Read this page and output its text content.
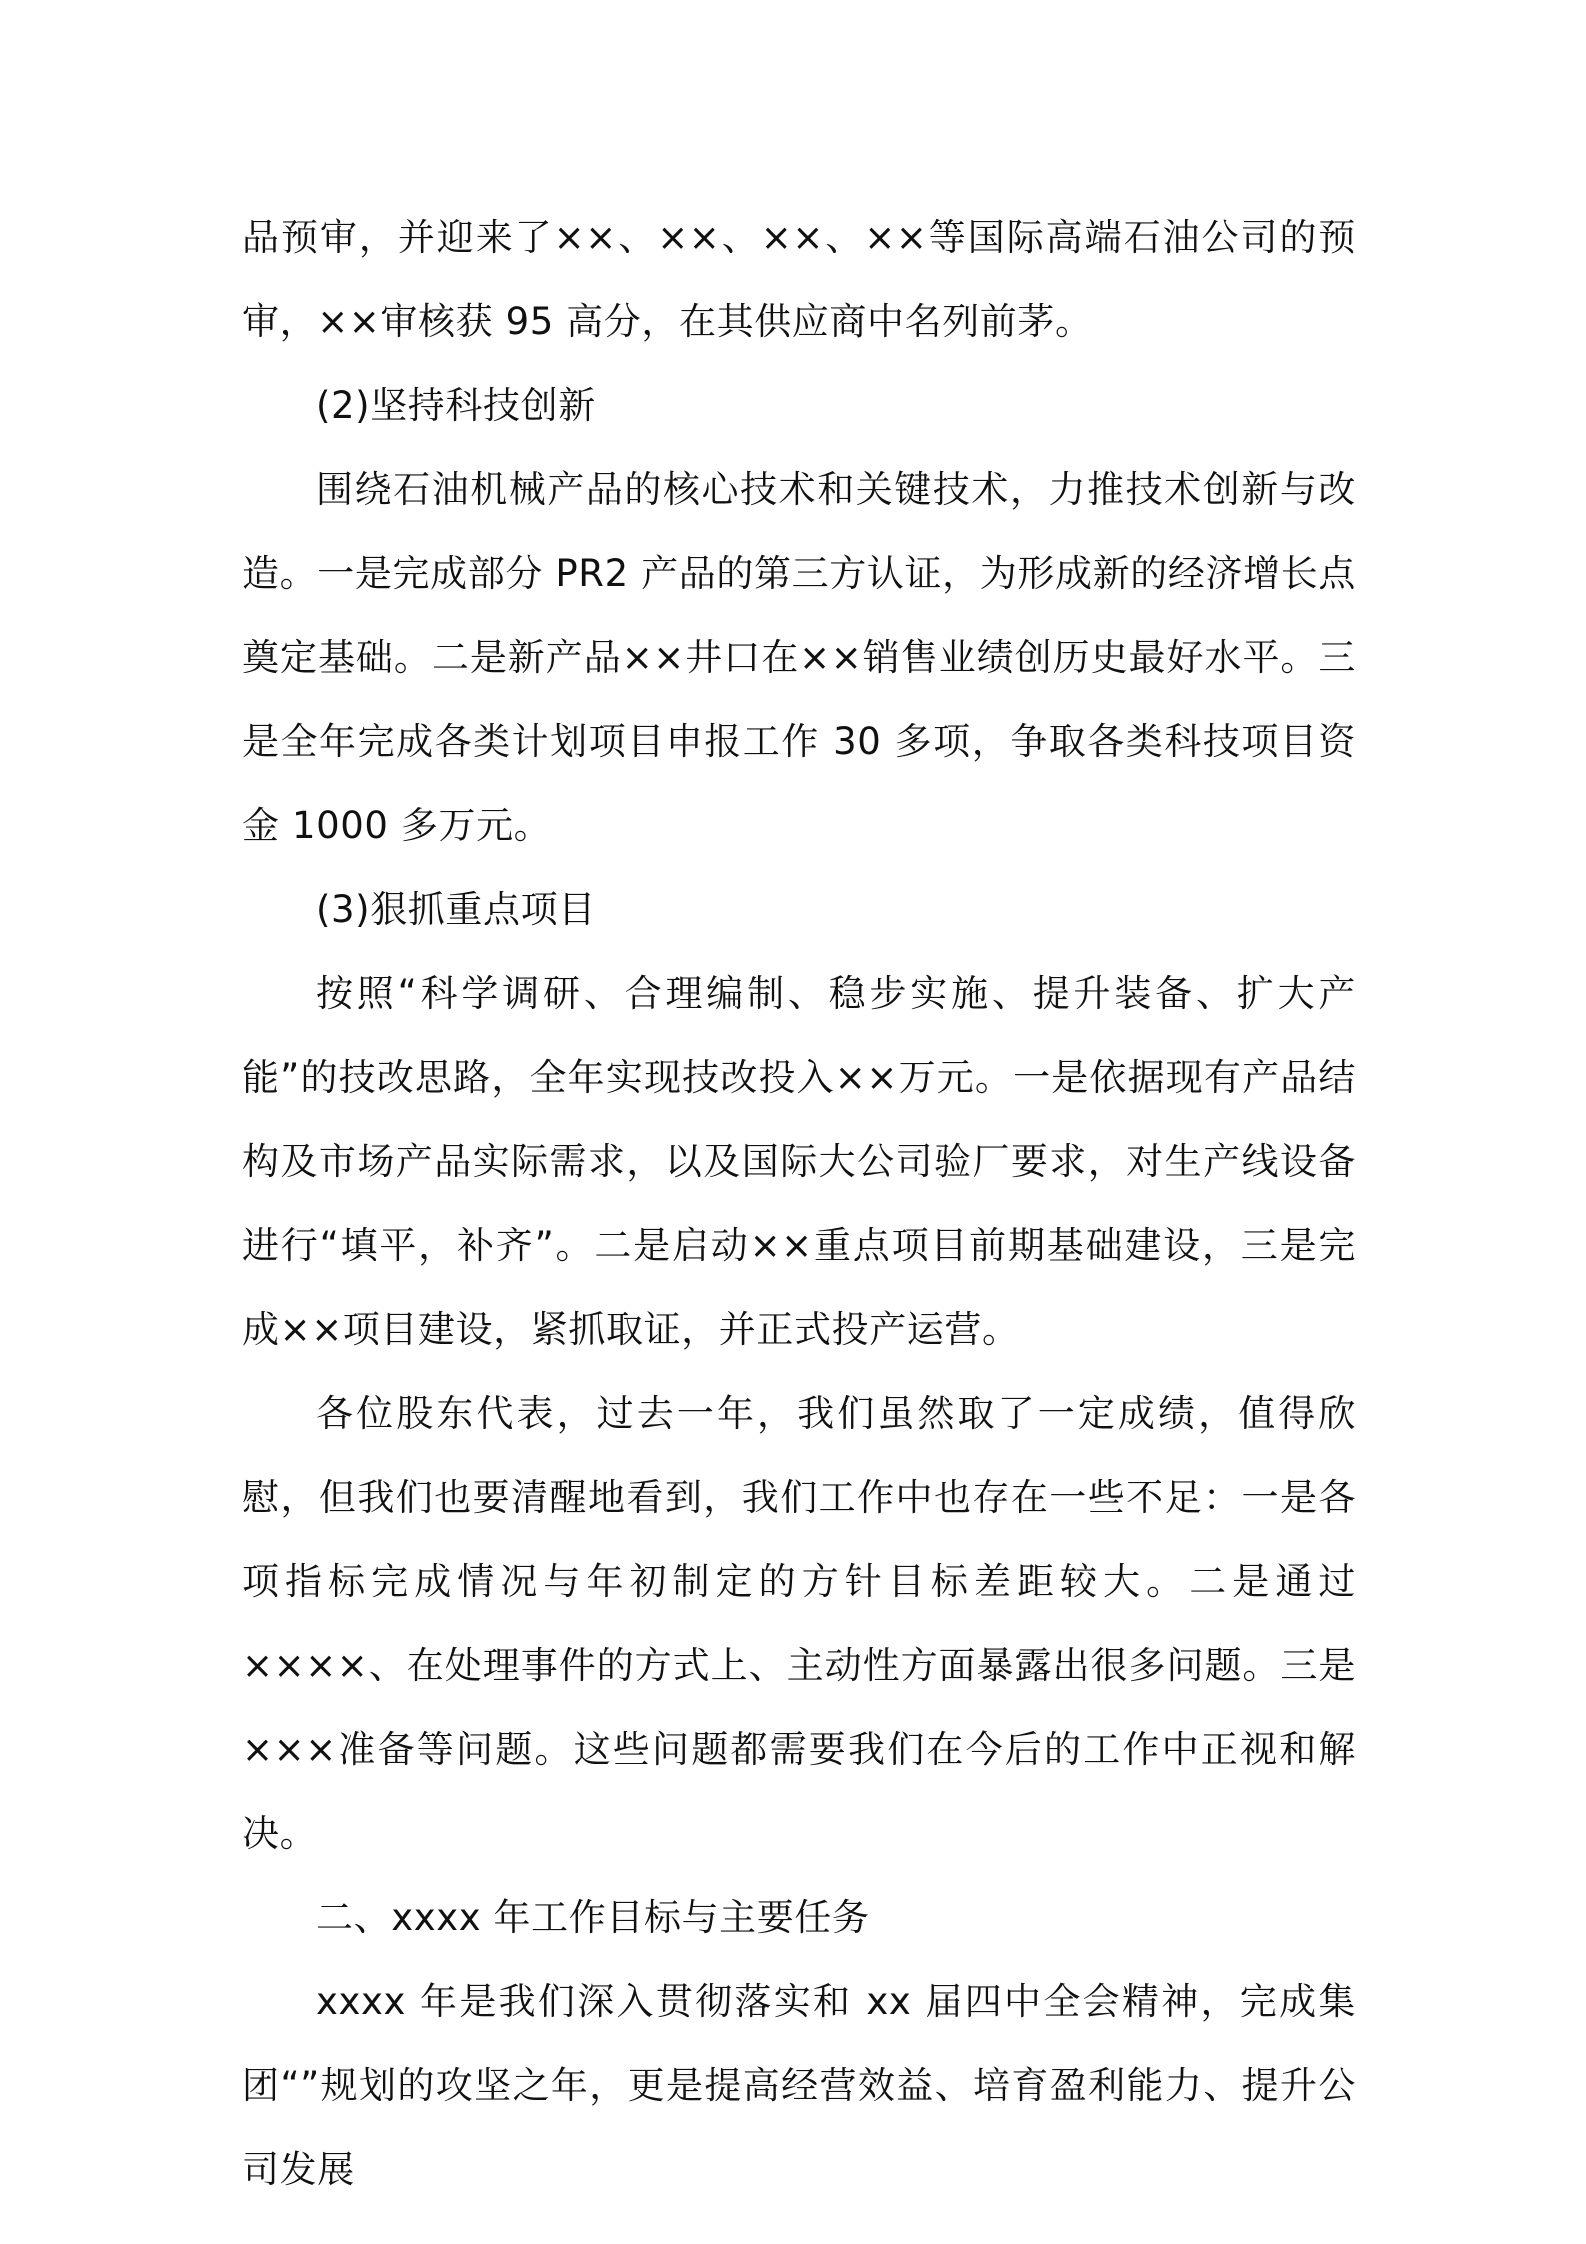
品预审，并迎来了××、××、××、××等国际高端石油公司的预审，××审核获 95 高分，在其供应商中名列前茅。

(2)坚持科技创新

围绕石油机械产品的核心技术和关键技术，力推技术创新与改造。一是完成部分 PR2 产品的第三方认证，为形成新的经济增长点奠定基础。二是新产品××井口在××销售业绩创历史最好水平。三是全年完成各类计划项目申报工作 30 多项，争取各类科技项目资金 1000 多万元。

(3)狠抓重点项目

按照“科学调研、合理编制、稳步实施、提升装备、扩大产能”的技改思路，全年实现技改投入××万元。一是依据现有产品结构及市场产品实际需求，以及国际大公司验厂要求，对生产线设备进行“填平，补齐”。二是启动××重点项目前期基础建设，三是完成××项目建设，紧抓取证，并正式投产运营。

各位股东代表，过去一年，我们虽然取了一定成绩，值得欣慰，但我们也要清醒地看到，我们工作中也存在一些不足：一是各项指标完成情况与年初制定的方针目标差距较大。二是通过××××、在处理事件的方式上、主动性方面暴露出很多问题。三是×××准备等问题。这些问题都需要我们在今后的工作中正视和解决。

二、xxxx 年工作目标与主要任务

xxxx 年是我们深入贯彻落实和 xx 届四中全会精神，完成集团“”规划的攻坚之年，更是提高经营效益、培育盈利能力、提升公司发展
